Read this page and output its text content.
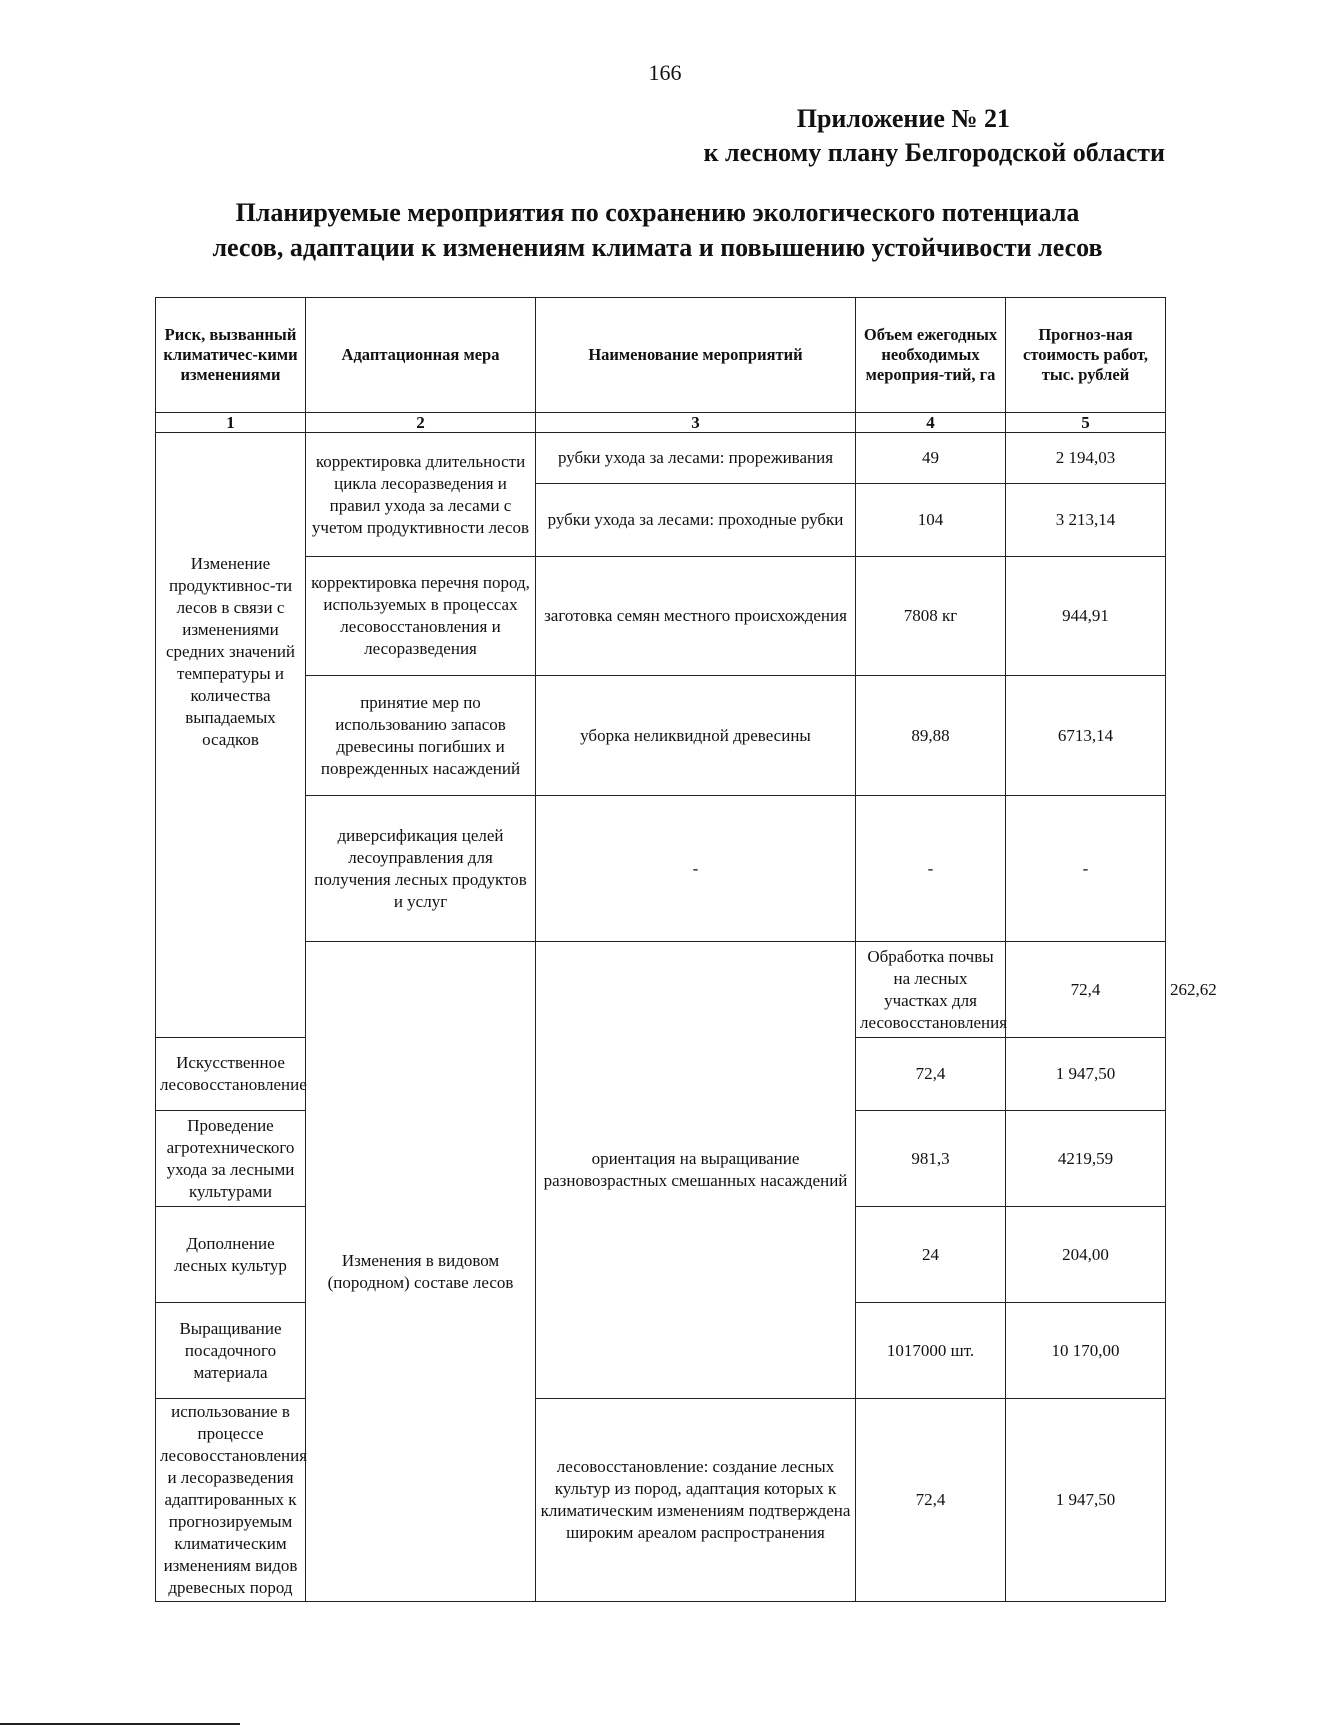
166
Приложение № 21
к лесному плану Белгородской области
Планируемые мероприятия по сохранению экологического потенциала
лесов, адаптации к изменениям климата и повышению устойчивости лесов
Риск, вызванный климатичес-кими изменениями	Адаптационная мера	Наименование мероприятий	Объем ежегодных необходимых мероприя-тий, га	Прогноз-ная стоимость работ, тыс. рублей	
1	2	3	4	5	

Изменение продуктивнос-ти лесов в связи с изменениями средних значений температуры и количества выпадаемых осадков	корректировка длительности цикла лесоразведения и правил ухода за лесами с учетом продуктивности лесов	рубки ухода за лесами: прореживания	49	2 194,03	
		рубки ухода за лесами: проходные рубки	104	3 213,14	
	корректировка перечня пород, используемых в процессах лесовосстановления и лесоразведения	заготовка семян местного происхождения	7808 кг	944,91	
	принятие мер по использованию запасов древесины погибших и поврежденных насаждений	уборка неликвидной древесины	89,88	6713,14	
	диверсификация целей лесоуправления для получения лесных продуктов и услуг	-	-	-	
	Изменения в видовом (породном) составе лесов	ориентация на выращивание разновозрастных смешанных насаждений	Обработка почвы на лесных участках для лесовосстановления	72,4	262,62
Искусственное лесовосстановление			72,4	1 947,50	
Проведение агротехнического ухода за лесными культурами			981,3	4219,59	
Дополнение лесных культур			24	204,00	
Выращивание посадочного материала			1017000 шт.	10 170,00	
использование в процессе лесовосстановления и лесоразведения адаптированных к прогнозируемым климатическим изменениям видов древесных пород		лесовосстановление: создание лесных культур из пород, адаптация которых к климатическим изменениям подтверждена широким ареалом распространения	72,4	1 947,50	
